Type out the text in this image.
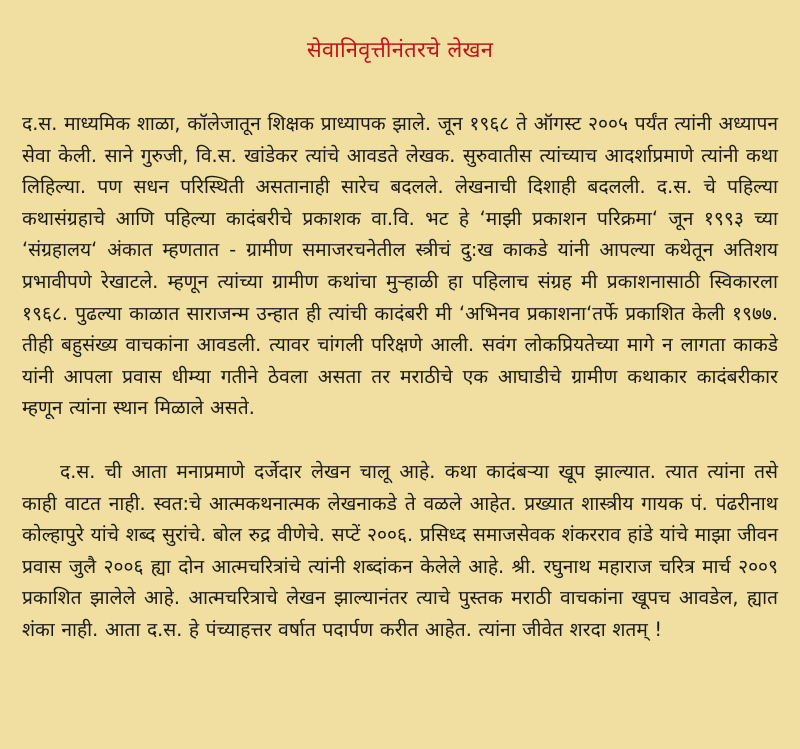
सेवानिवृत्तीनंतरचे लेखन

द.स. माध्यमिक शाळा, कॉलेजातून शिक्षक प्राध्यापक झाले. जून १९६८ ते ऑगस्ट २००५ पर्यंत त्यांनी अध्यापन सेवा केली. साने गुरुजी, वि.स. खांडेकर त्यांचे आवडते लेखक. सुरुवातीस त्यांच्याच आदर्शाप्रमाणे त्यांनी कथा लिहिल्या. पण सधन परिस्थिती असतानाही सारेच बदलले. लेखनाची दिशाही बदलली. द.स. चे पहिल्या कथासंग्रहाचे आणि पहिल्या कादंबरीचे प्रकाशक वा.वि. भट हे ‘माझी प्रकाशन परिक्रमा‘ जून १९९३ च्या ‘संग्रहालय‘ अंकात म्हणतात - ग्रामीण समाजरचनेतील स्त्रीचं दु:ख काकडे यांनी आपल्या कथेतून अतिशय प्रभावीपणे रेखाटले. म्हणून त्यांच्या ग्रामीण कथांचा मुऱ्हाळी हा पहिलाच संग्रह मी प्रकाशनासाठी स्विकारला १९६८. पुढल्या काळात साराजन्म उन्हात ही त्यांची कादंबरी मी ‘अभिनव प्रकाशना‘तर्फे प्रकाशित केली १९७७. तीही बहुसंख्य वाचकांना आवडली. त्यावर चांगली परिक्षणे आली. सवंग लोकप्रियतेच्या मागे न लागता काकडे यांनी आपला प्रवास धीम्या गतीने ठेवला असता तर मराठीचे एक आघाडीचे ग्रामीण कथाकार कादंबरीकार म्हणून त्यांना स्थान मिळाले असते.

द.स. ची आता मनाप्रमाणे दर्जेदार लेखन चालू आहे. कथा कादंबऱ्या खूप झाल्यात. त्यात त्यांना तसे काही वाटत नाही. स्वत:चे आत्मकथनात्मक लेखनाकडे ते वळले आहेत. प्रख्यात शास्त्रीय गायक पं. पंढरीनाथ कोल्हापुरे यांचे शब्द सुरांचे. बोल रुद्र वीणेचे. सप्टें २००६. प्रसिध्द समाजसेवक शंकरराव हांडे यांचे माझा जीवन प्रवास जुलै २००६ ह्या दोन आत्मचरित्रांचे त्यांनी शब्दांकन केलेले आहे. श्री. रघुनाथ महाराज चरित्र मार्च २००९ प्रकाशित झालेले आहे. आत्मचरित्राचे लेखन झाल्यानंतर त्याचे पुस्तक मराठी वाचकांना खूपच आवडेल, ह्यात शंका नाही. आता द.स. हे पंच्याहत्तर वर्षात पदार्पण करीत आहेत. त्यांना जीवेत शरदा शतम् !
